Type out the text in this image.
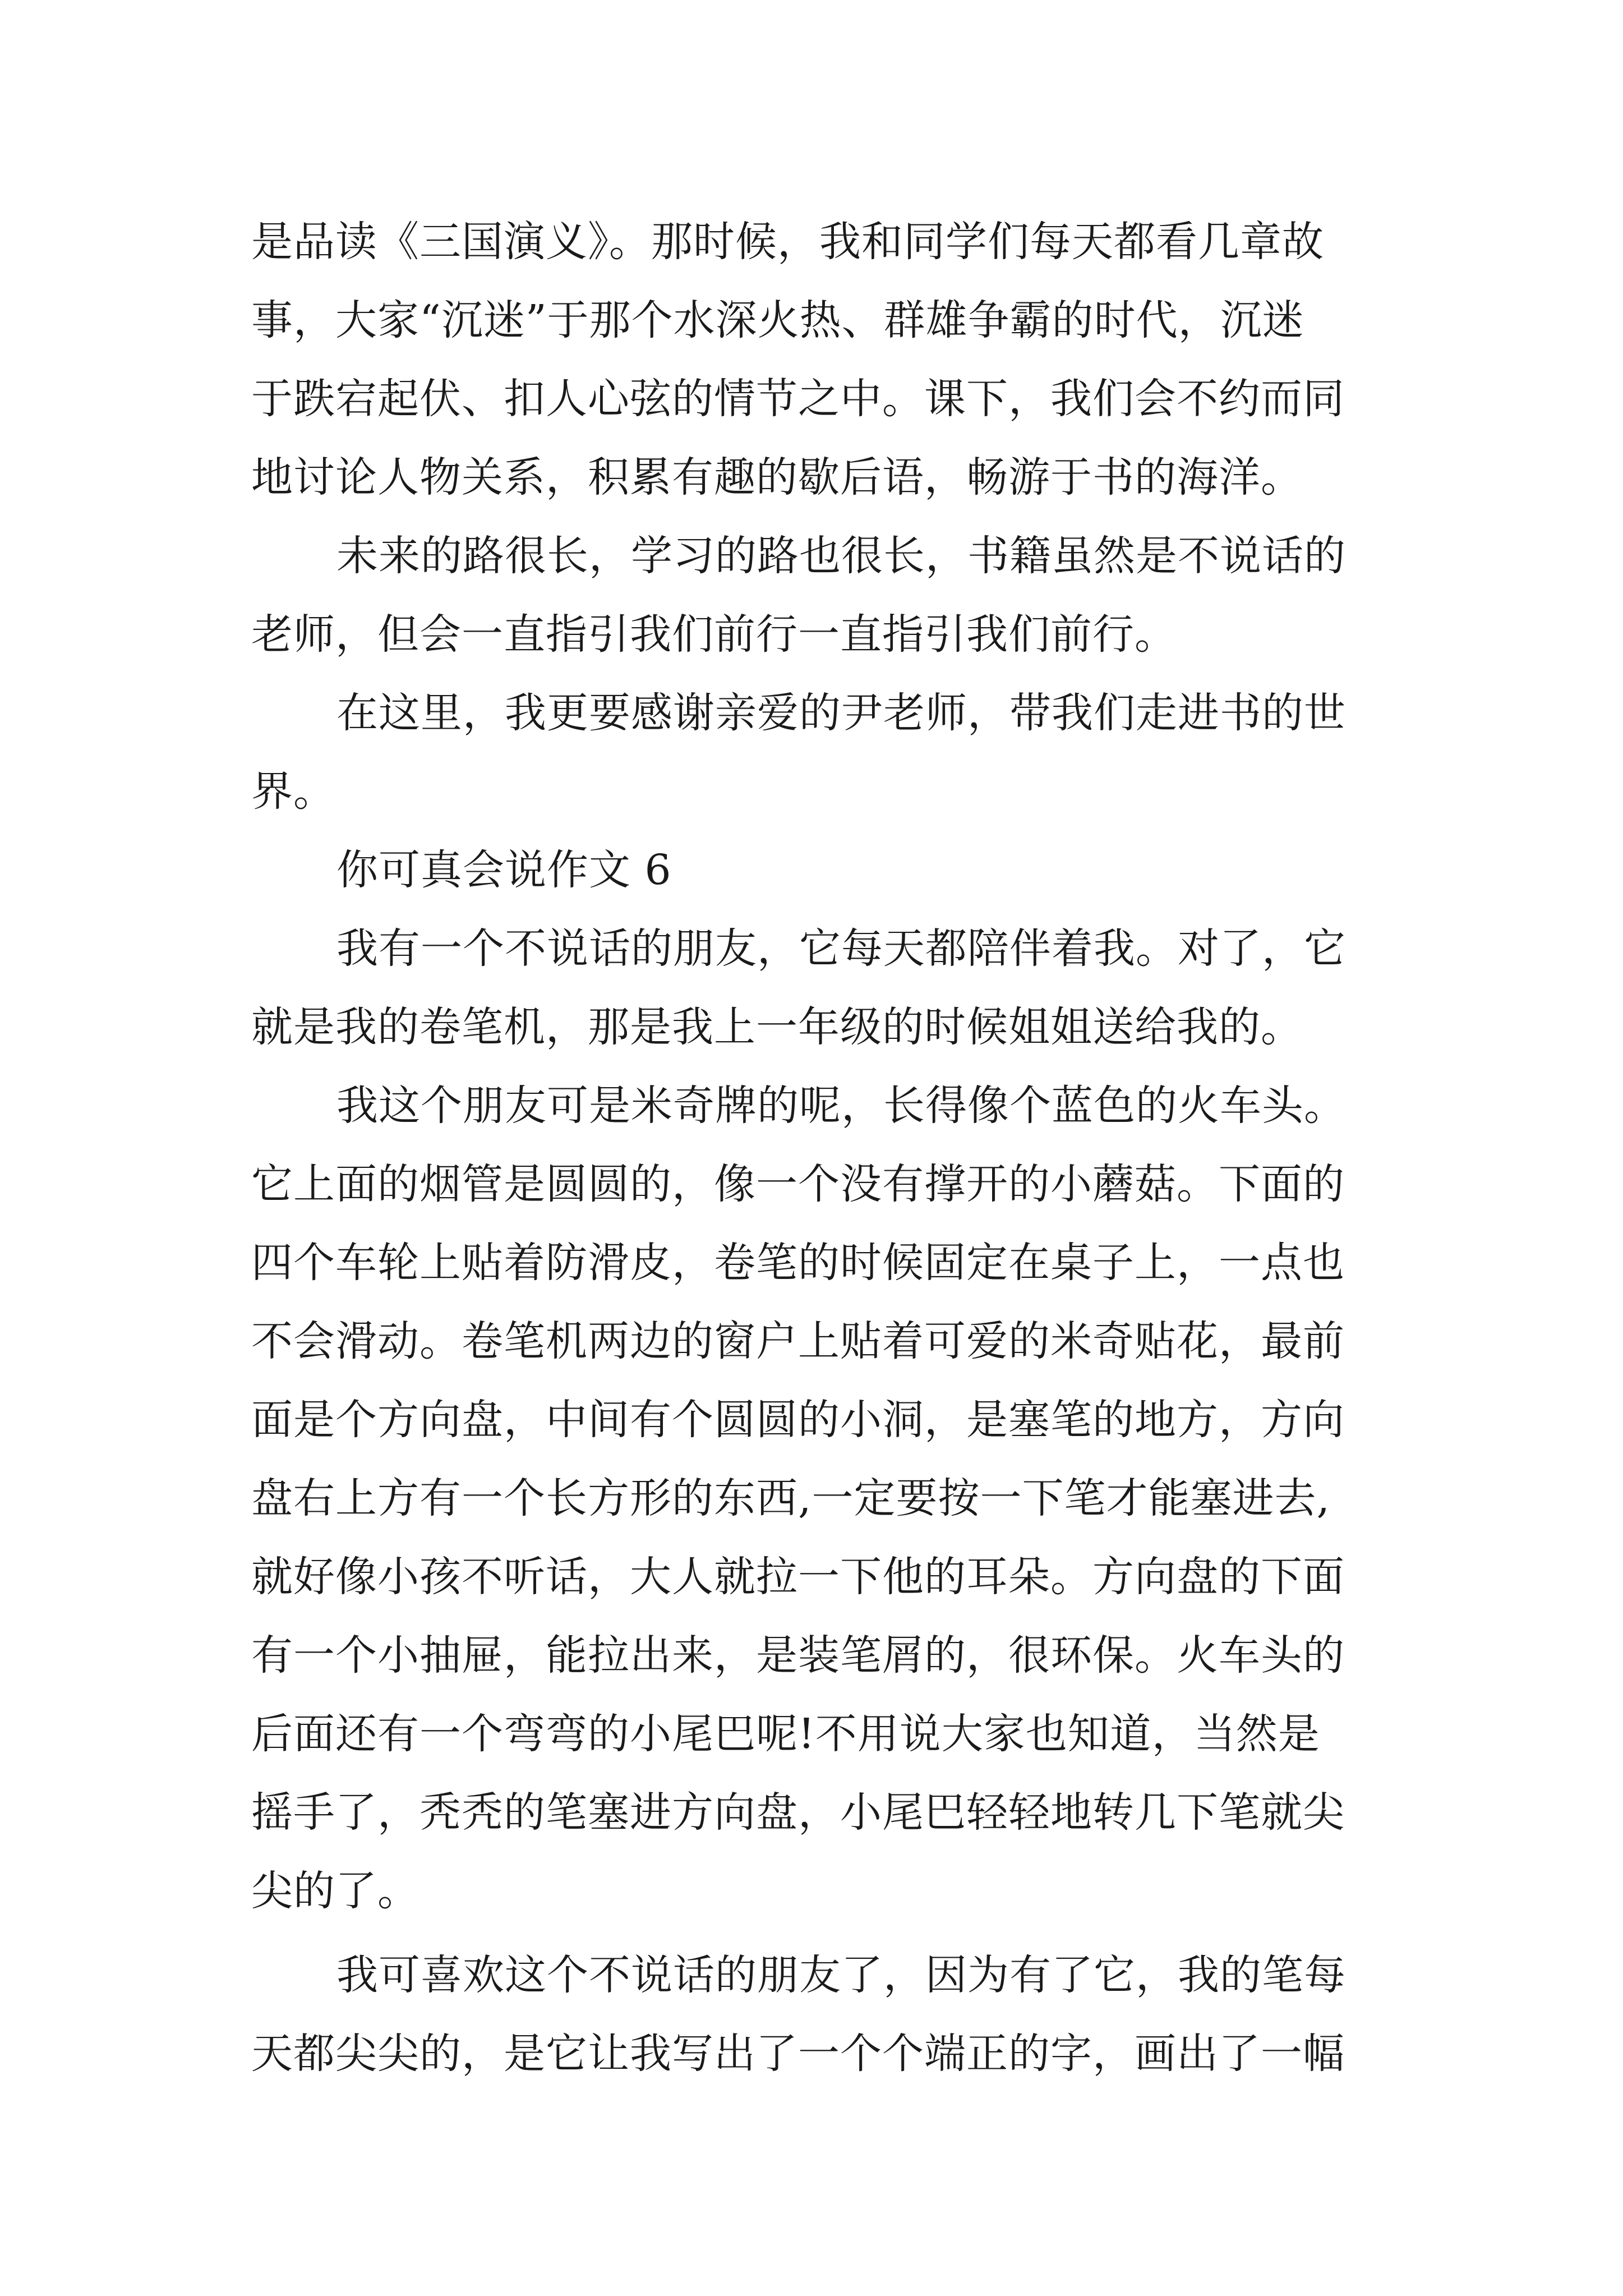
是品读《三国演义》。那时候，我和同学们每天都看几章故
事，大家“沉迷”于那个水深火热、群雄争霸的时代，沉迷
于跌宕起伏、扣人心弦的情节之中。课下，我们会不约而同
地讨论人物关系，积累有趣的歇后语，畅游于书的海洋。
未来的路很长，学习的路也很长，书籍虽然是不说话的
老师，但会一直指引我们前行一直指引我们前行。
在这里，我更要感谢亲爱的尹老师，带我们走进书的世
界。
你可真会说作文 6
我有一个不说话的朋友，它每天都陪伴着我。对了，它
就是我的卷笔机，那是我上一年级的时候姐姐送给我的。
我这个朋友可是米奇牌的呢，长得像个蓝色的火车头。
它上面的烟管是圆圆的，像一个没有撑开的小蘑菇。下面的
四个车轮上贴着防滑皮，卷笔的时候固定在桌子上，一点也
不会滑动。卷笔机两边的窗户上贴着可爱的米奇贴花，最前
面是个方向盘，中间有个圆圆的小洞，是塞笔的地方，方向
盘右上方有一个长方形的东西,一定要按一下笔才能塞进去,
就好像小孩不听话，大人就拉一下他的耳朵。方向盘的下面
有一个小抽屉，能拉出来，是装笔屑的，很环保。火车头的
后面还有一个弯弯的小尾巴呢!不用说大家也知道，当然是
摇手了，秃秃的笔塞进方向盘，小尾巴轻轻地转几下笔就尖
尖的了。
我可喜欢这个不说话的朋友了，因为有了它，我的笔每
天都尖尖的，是它让我写出了一个个端正的字，画出了一幅
